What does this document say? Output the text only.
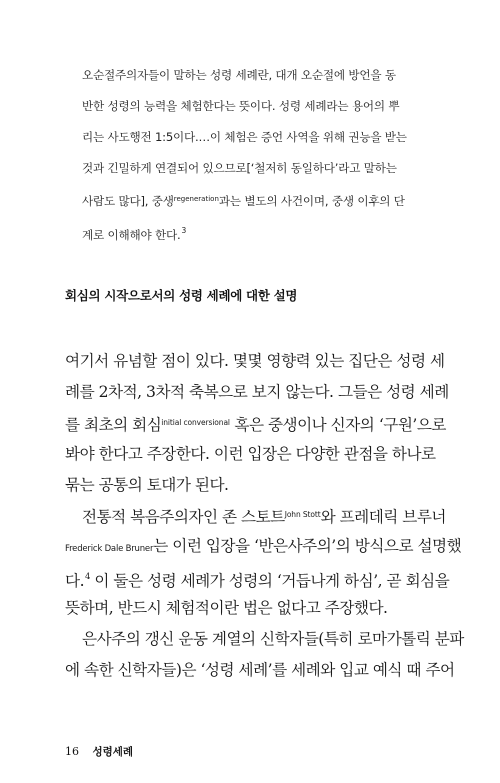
오순절주의자들이 말하는 성령 세례란, 대개 오순절에 방언을 동
반한 성령의 능력을 체험한다는 뜻이다. 성령 세례라는 용어의 뿌
리는 사도행전 1:5이다.…이 체험은 증언 사역을 위해 권능을 받는
것과 긴밀하게 연결되어 있으므로[‘철저히 동일하다’라고 말하는
사람도 많다], 중생$^{regeneration}$과는 별도의 사건이며, 중생 이후의 단
계로 이해해야 한다.$^3$
회심의 시작으로서의 성령 세례에 대한 설명
여기서 유념할 점이 있다. 몇몇 영향력 있는 집단은 성령 세
례를 2차적, 3차적 축복으로 보지 않는다. 그들은 성령 세례
를 최초의 회심$^{initial conversional}$ 혹은 중생이나 신자의 ‘구원’으로
봐야 한다고 주장한다. 이런 입장은 다양한 관점을 하나로
묶는 공통의 토대가 된다.
전통적 복음주의자인 존 스토트$^{John Stott}$와 프레데릭 브루너
Frederick Dale Bruner는 이런 입장을 ‘반은사주의’의 방식으로 설명했
다.$^4$ 이 둘은 성령 세례가 성령의 ‘거듭나게 하심’, 곧 회심을
뜻하며, 반드시 체험적이란 법은 없다고 주장했다.
은사주의 갱신 운동 계열의 신학자들(특히 로마가톨릭 분파
에 속한 신학자들)은 ‘성령 세례’를 세례와 입교 예식 때 주어
16 성령세례
